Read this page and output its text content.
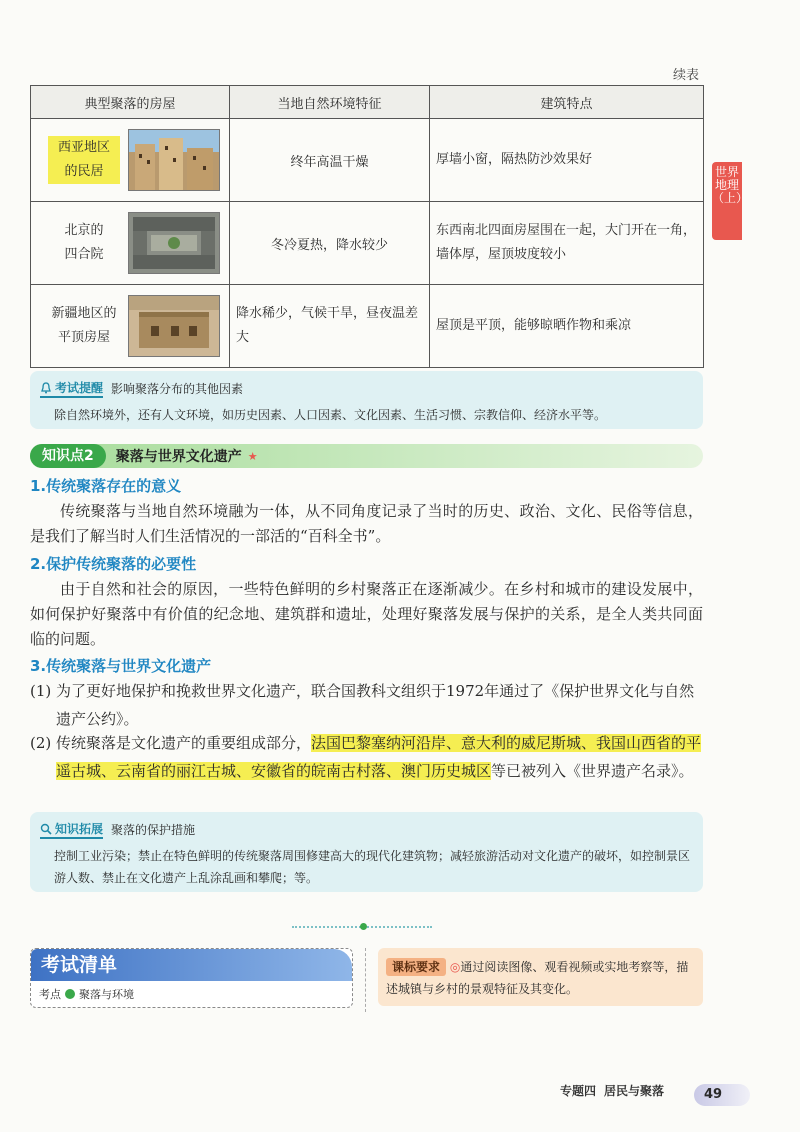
续表
典型聚落的房屋	当地自然环境特征	建筑特点

西亚地区
的民居	终年高温干燥	厚墙小窗，隔热防沙效果好

北京的
四合院	冬冷夏热，降水较少	东西南北四面房屋围在一起，大门开在一角，墙体厚，屋顶坡度较小

新疆地区的
平顶房屋	降水稀少，气候干旱，昼夜温差大	屋顶是平顶，能够晾晒作物和乘凉
世界地理（上）
考试提醒 影响聚落分布的其他因素
除自然环境外，还有人文环境，如历史因素、人口因素、文化因素、生活习惯、宗教信仰、经济水平等。
知识点2	聚落与世界文化遗产 ★
1.传统聚落存在的意义
传统聚落与当地自然环境融为一体，从不同角度记录了当时的历史、政治、文化、民俗等信息，是我们了解当时人们生活情况的一部活的“百科全书”。
2.保护传统聚落的必要性
由于自然和社会的原因，一些特色鲜明的乡村聚落正在逐渐减少。在乡村和城市的建设发展中，如何保护好聚落中有价值的纪念地、建筑群和遗址，处理好聚落发展与保护的关系，是全人类共同面临的问题。
3.传统聚落与世界文化遗产
(1) 为了更好地保护和挽救世界文化遗产，联合国教科文组织于1972年通过了《保护世界文化与自然遗产公约》。
(2) 传统聚落是文化遗产的重要组成部分，法国巴黎塞纳河沿岸、意大利的威尼斯城、我国山西省的平遥古城、云南省的丽江古城、安徽省的皖南古村落、澳门历史城区等已被列入《世界遗产名录》。
知识拓展 聚落的保护措施
控制工业污染；禁止在特色鲜明的传统聚落周围修建高大的现代化建筑物；减轻旅游活动对文化遗产的破坏，如控制景区游人数、禁止在文化遗产上乱涂乱画和攀爬；等。
考试清单
考点 聚落与环境
课标要求 ◎通过阅读图像、观看视频或实地考察等，描述城镇与乡村的景观特征及其变化。
专题四 居民与聚落	49
